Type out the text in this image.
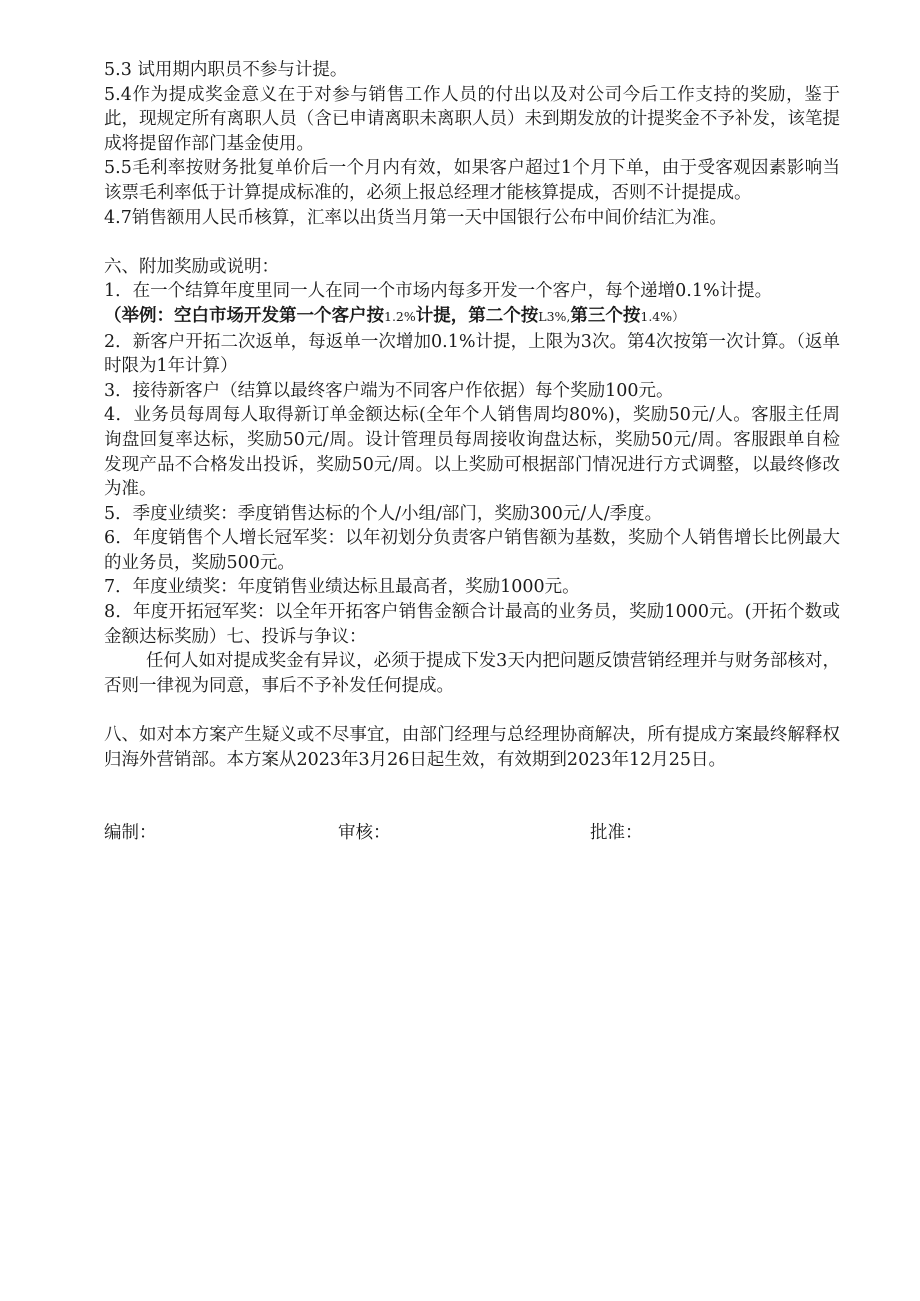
5.3 试用期内职员不参与计提。

5.4作为提成奖金意义在于对参与销售工作人员的付出以及对公司今后工作支持的奖励，鉴于此，现规定所有离职人员（含已申请离职未离职人员）未到期发放的计提奖金不予补发，该笔提成将提留作部门基金使用。

5.5毛利率按财务批复单价后一个月内有效，如果客户超过1个月下单，由于受客观因素影响当该票毛利率低于计算提成标准的，必须上报总经理才能核算提成，否则不计提提成。

4.7销售额用人民币核算，汇率以出货当月第一天中国银行公布中间价结汇为准。

六、附加奖励或说明：

1．在一个结算年度里同一人在同一个市场内每多开发一个客户，每个递增0.1%计提。

（举例：空白市场开发第一个客户按1.2%计提，第二个按L3%,第三个按1.4%）

2．新客户开拓二次返单，每返单一次增加0.1%计提，上限为3次。第4次按第一次计算。（返单时限为1年计算）

3．接待新客户（结算以最终客户端为不同客户作依据）每个奖励100元。

4．业务员每周每人取得新订单金额达标(全年个人销售周均80%)，奖励50元/人。客服主任周询盘回复率达标，奖励50元/周。设计管理员每周接收询盘达标，奖励50元/周。客服跟单自检发现产品不合格发出投诉，奖励50元/周。以上奖励可根据部门情况进行方式调整，以最终修改为准。

5．季度业绩奖：季度销售达标的个人/小组/部门，奖励300元/人/季度。

6．年度销售个人增长冠军奖：以年初划分负责客户销售额为基数，奖励个人销售增长比例最大的业务员，奖励500元。

7．年度业绩奖：年度销售业绩达标且最高者，奖励1000元。

8．年度开拓冠军奖：以全年开拓客户销售金额合计最高的业务员，奖励1000元。(开拓个数或金额达标奖励）七、投诉与争议：

任何人如对提成奖金有异议，必须于提成下发3天内把问题反馈营销经理并与财务部核对，否则一律视为同意，事后不予补发任何提成。

八、如对本方案产生疑义或不尽事宜，由部门经理与总经理协商解决，所有提成方案最终解释权归海外营销部。本方案从2023年3月26日起生效，有效期到2023年12月25日。

编制：	审核：	批准：
